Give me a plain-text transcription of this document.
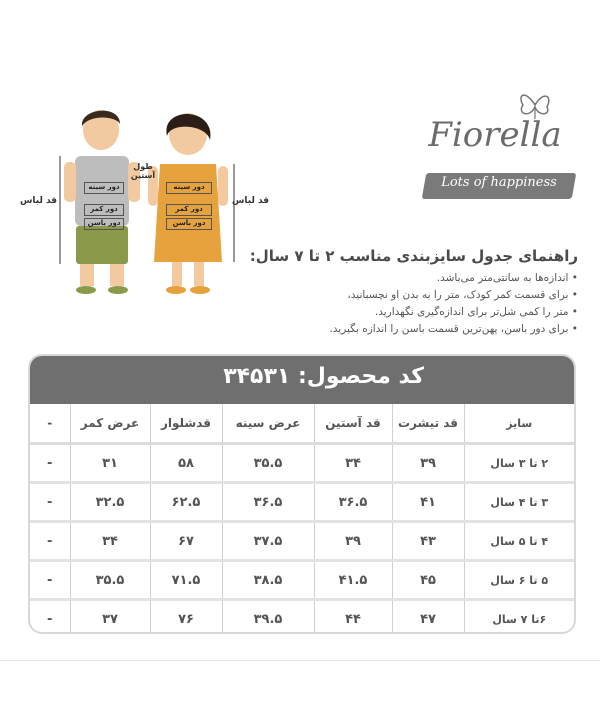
Fiorella
Lots of happiness
قد لباس
طول آستین
دور سینه
دور کمر
دور باسن
قد لباس
دور سینه
دور کمر
دور باسن
راهنمای جدول سایزبندی مناسب ۲ تا ۷ سال:
• اندازه‌ها به سانتی‌متر می‌باشد.
• برای قسمت کمر کودک، متر را به بدن او نچسبانید،
• متر را کمی شل‌تر برای اندازه‌گیری نگهدارید.
• برای دور باسن، پهن‌ترین قسمت باسن را اندازه بگیرید.
کد محصول: ۳۴۵۳۱
سایز	قد تیشرت	قد آستین	عرض سینه	قدشلوار	عرض کمر	-
۲ تا ۳ سال	۳۹	۳۴	۳۵.۵	۵۸	۳۱	-
۳ تا ۴ سال	۴۱	۳۶.۵	۳۶.۵	۶۲.۵	۳۲.۵	-
۴ تا ۵ سال	۴۳	۳۹	۳۷.۵	۶۷	۳۴	-
۵ تا ۶ سال	۴۵	۴۱.۵	۳۸.۵	۷۱.۵	۳۵.۵	-
۶تا ۷ سال	۴۷	۴۴	۳۹.۵	۷۶	۳۷	-
